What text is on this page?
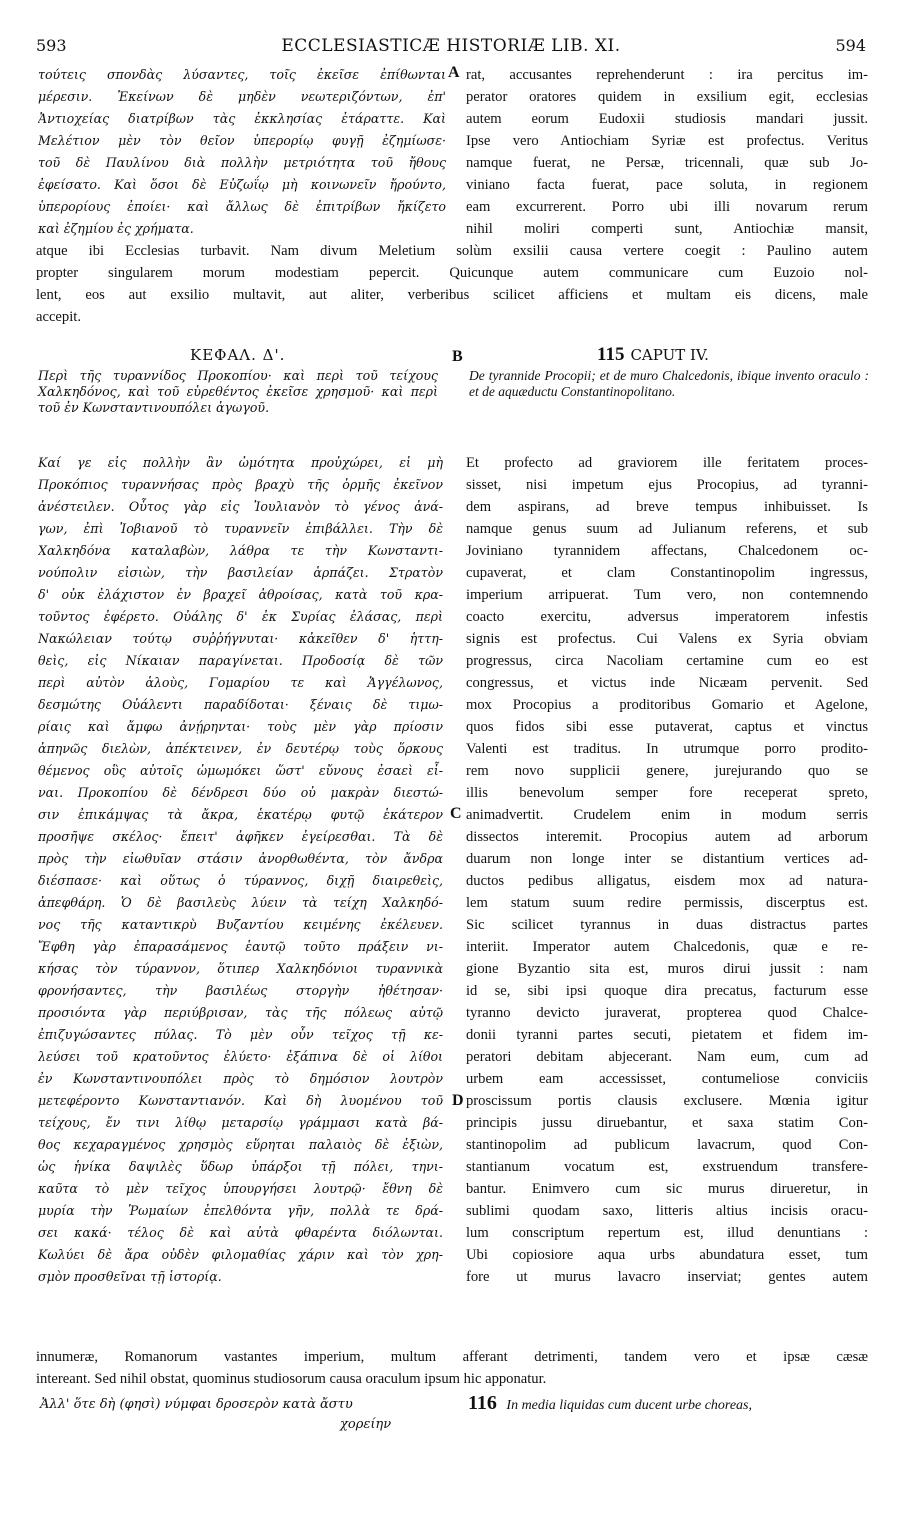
593	ECCLESIASTICÆ HISTORIÆ LIB. XI.	594
τούτεις σπονδὰς λύσαντες, τοῖς ἐκεῖσε ἐπίθωνται
μέρεσιν. Ἐκείνων δὲ μηδὲν νεωτεριζόντων, ἐπ'
Ἀντιοχείας διατρίβων τὰς ἐκκλησίας ἐτάραττε. Καὶ
Μελέτιον μὲν τὸν θεῖον ὑπερορίῳ φυγῇ ἐζημίωσε·
τοῦ δὲ Παυλίνου διὰ πολλὴν μετριότητα τοῦ ἤθους
ἐφείσατο. Καὶ ὅσοι δὲ Εὐζωΐῳ μὴ κοινωνεῖν ἤρούντο,
ὑπερορίους ἐποίει· καὶ ἄλλως δὲ ἐπιτρίβων ἤκίζετο
καὶ ἐζημίου ἐς χρήματα.
A rat, accusantes reprehenderunt : ira percitus im-
perator oratores quidem in exsilium egit, ecclesias
autem eorum Eudoxii studiosis mandari jussit.
Ipse vero Antiochiam Syriæ est profectus. Veritus
namque fuerat, ne Persæ, tricennali, quæ sub Jo-
viniano facta fuerat, pace soluta, in regionem
eam excurrerent. Porro ubi illi novarum rerum
nihil moliri comperti sunt, Antiochiæ mansit,
atque ibi Ecclesias turbavit. Nam divum Meletium solùm exsilii causa vertere coegit : Paulino autem
propter singularem morum modestiam pepercit. Quicunque autem communicare cum Euzoio nol-
lent, eos aut exsilio multavit, aut aliter, verberibus scilicet afficiens et multam eis dicens, male
accepit.
ΚΕΦΑΛ. Δ'.	B	115 CAPUT IV.
Περὶ τῆς τυραννίδος Προκοπίου· καὶ περὶ τοῦ τείχους Χαλκηδόνος, καὶ τοῦ εὑρεθέντος ἐκεῖσε χρησμοῦ· καὶ περὶ τοῦ ἐν Κωνσταντινουπόλει ἀγωγοῦ.
De tyrannide Procopii; et de muro Chalcedonis, ibique invento oraculo : et de aquæductu Constantinopolitano.
Καί γε εἰς πολλὴν ἂν ὠμότητα προὐχώρει, εἰ μὴ
Προκόπιος τυραννήσας πρὸς βραχὺ τῆς ὁρμῆς ἐκεῖνον
ἀνέστειλεν. Οὗτος γὰρ εἰς Ἰουλιανὸν τὸ γένος ἀνά-
γων, ἐπὶ Ἰοβιανοῦ τὸ τυραννεῖν ἐπιβάλλει. Τὴν δὲ
Χαλκηδόνα καταλαβὼν, λάθρα τε τὴν Κωνσταντι-
νούπολιν εἰσιὼν, τὴν βασιλείαν ἁρπάζει. Στρατὸν
δ' οὐκ ἐλάχιστον ἐν βραχεῖ ἀθροίσας, κατὰ τοῦ κρα-
τοῦντος ἐφέρετο. Οὐάλης δ' ἐκ Συρίας ἐλάσας, περὶ
Νακώλειαν τούτῳ συῤῥήγνυται· κἀκεῖθεν δ' ἡττη-
θεὶς, εἰς Νίκαιαν παραγίνεται. Προδοσίᾳ δὲ τῶν
περὶ αὐτὸν ἁλοὺς, Γομαρίου τε καὶ Ἀγγέλωνος,
δεσμώτης Οὐάλεντι παραδίδοται· ξέναις δὲ τιμω-
ρίαις καὶ ἄμφω ἀνῄρηνται· τοὺς μὲν γὰρ πρίοσιν
ἀπηνῶς διελὼν, ἀπέκτεινεν, ἐν δευτέρῳ τοὺς ὅρκους
θέμενος οὓς αὐτοῖς ὠμωμόκει ὥστ' εὔνους ἐσαεὶ εἶ-
ναι. Προκοπίου δὲ δένδρεσι δύο οὐ μακρὰν διεστώ-
σιν ἐπικάμψας τὰ ἄκρα, ἑκατέρῳ φυτῷ ἑκάτερον
προσῆψε σκέλος· ἔπειτ' ἀφῆκεν ἐγείρεσθαι. Τὰ δὲ
πρὸς τὴν εἰωθυῖαν στάσιν ἀνορθωθέντα, τὸν ἄνδρα
διέσπασε· καὶ οὕτως ὁ τύραννος, διχῇ διαιρεθεὶς,
ἀπεφθάρη. Ὁ δὲ βασιλεὺς λύειν τὰ τείχη Χαλκηδό-
νος τῆς καταντικρὺ Βυζαντίου κειμένης ἐκέλευεν.
Ἔφθη γὰρ ἐπαρασάμενος ἑαυτῷ τοῦτο πράξειν νι-
κήσας τὸν τύραννον, ὅτιπερ Χαλκηδόνιοι τυραννικὰ
φρονήσαντες, τὴν βασιλέως στοργὴν ἠθέτησαν·
προσιόντα γὰρ περιύβρισαν, τὰς τῆς πόλεως αὐτῷ
ἐπιζυγώσαντες πύλας. Τὸ μὲν οὖν τεῖχος τῇ κε-
λεύσει τοῦ κρατοῦντος ἐλύετο· ἐξάπινα δὲ οἱ λίθοι
ἐν Κωνσταντινουπόλει πρὸς τὸ δημόσιον λουτρὸν
μετεφέροντο Κωνσταντιανόν. Καὶ δὴ λυομένου τοῦ
τείχους, ἔν τινι λίθῳ μεταρσίῳ γράμμασι κατὰ βά-
θος κεχαραγμένος χρησμὸς εὕρηται παλαιὸς δὲ ἐξιὼν,
ὡς ἡνίκα δαψιλὲς ὕδωρ ὑπάρξοι τῇ πόλει, τηνι-
καῦτα τὸ μὲν τεῖχος ὑπουργήσει λουτρῷ· ἔθνη δὲ
μυρία τὴν Ῥωμαίων ἐπελθόντα γῆν, πολλὰ τε δρά-
σει κακά· τέλος δὲ καὶ αὐτὰ φθαρέντα διόλωνται.
Κωλύει δὲ ἄρα οὐδὲν φιλομαθίας χάριν καὶ τὸν χρη-
σμὸν προσθεῖναι τῇ ἱστορίᾳ.
C
D
Et profecto ad graviorem ille feritatem proces-
sisset, nisi impetum ejus Procopius, ad tyranni-
dem aspirans, ad breve tempus inhibuisset. Is
namque genus suum ad Julianum referens, et sub
Joviniano tyrannidem affectans, Chalcedonem oc-
cupaverat, et clam Constantinopolim ingressus,
imperium arripuerat. Tum vero, non contemnendo
coacto exercitu, adversus imperatorem infestis
signis est profectus. Cui Valens ex Syria obviam
progressus, circa Nacoliam certamine cum eo est
congressus, et victus inde Nicæam pervenit. Sed
mox Procopius a proditoribus Gomario et Agelone,
quos fidos sibi esse putaverat, captus et vinctus
Valenti est traditus. In utrumque porro prodito-
rem novo supplicii genere, jurejurando quo se
illis benevolum semper fore receperat spreto,
animadvertit. Crudelem enim in modum serris
dissectos interemit. Procopius autem ad arborum
duarum non longe inter se distantium vertices ad-
ductos pedibus alligatus, eisdem mox ad natura-
lem statum suum redire permissis, discerptus est.
Sic scilicet tyrannus in duas distractus partes
interiit. Imperator autem Chalcedonis, quæ e re-
gione Byzantio sita est, muros dirui jussit : nam
id se, sibi ipsi quoque dira precatus, facturum esse
tyranno devicto juraverat, propterea quod Chalce-
donii tyranni partes secuti, pietatem et fidem im-
peratori debitam abjecerant. Nam eum, cum ad
urbem eam accessisset, contumeliose conviciis
proscissum portis clausis exclusere. Mœnia igitur
principis jussu diruebantur, et saxa statim Con-
stantinopolim ad publicum lavacrum, quod Con-
stantianum vocatum est, exstruendum transfere-
bantur. Enimvero cum sic murus dirueretur, in
sublimi quodam saxo, litteris altius incisis oracu-
lum conscriptum repertum est, illud denuntians :
Ubi copiosiore aqua urbs abundatura esset, tum
fore ut murus lavacro inserviat; gentes autem
innumeræ, Romanorum vastantes imperium, multum afferant detrimenti, tandem vero et ipsæ cæsæ
intereant. Sed nihil obstat, quominus studiosorum causa oraculum ipsum hic apponatur.
Ἀλλ' ὅτε δὴ (φησὶ) νύμφαι δροσερὸν κατὰ ἄστυ
χορείην
116 In media liquidas cum ducent urbe choreas,
